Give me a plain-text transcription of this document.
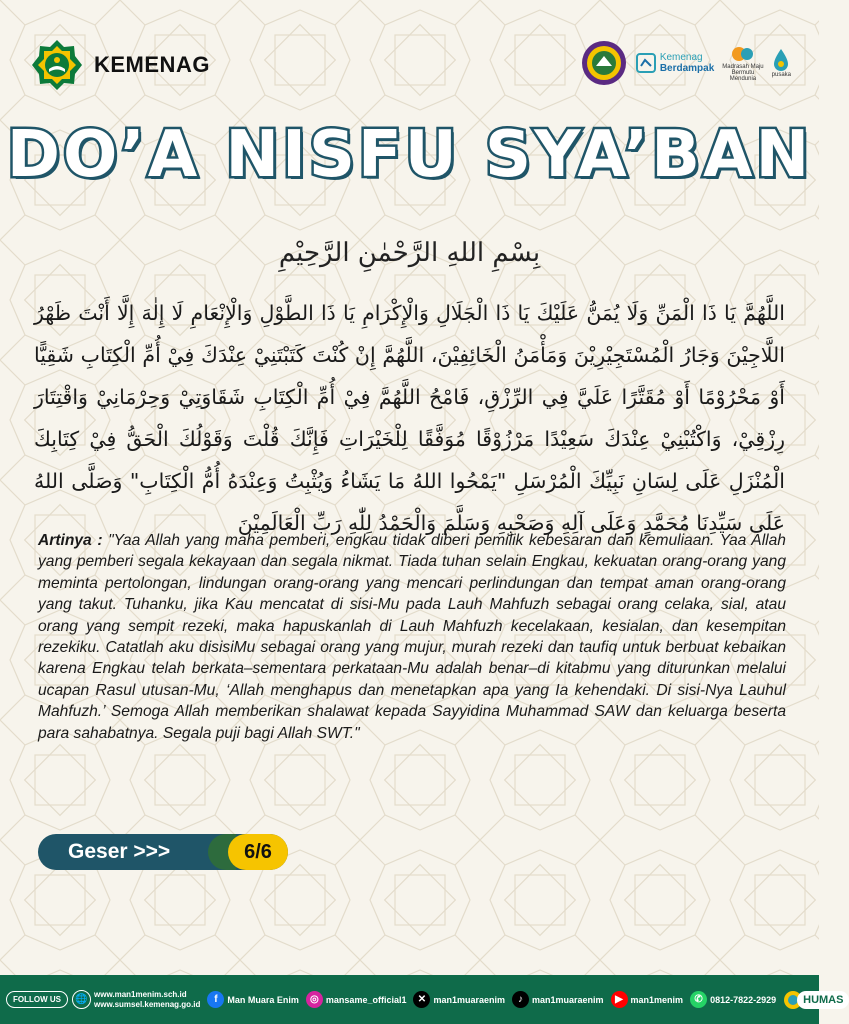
KEMENAG	Kemenag
Berdampak Madrasah Maju
Bermutu
Mendunia
pusaka
DO’A NISFU SYA’BAN
بِسْمِ اللهِ الرَّحْمٰنِ الرَّحِيْمِ
اللَّهُمَّ يَا ذَا الْمَنِّ وَلَا يُمَنُّ عَلَيْكَ يَا ذَا الْجَلَالِ وَالْإِكْرَامِ يَا ذَا الطَّوْلِ وَالْإِنْعَامِ لَا إِلٰهَ إِلَّا أَنْتَ ظَهْرُ اللَّاجِيْنَ وَجَارُ الْمُسْتَجِيْرِيْنَ وَمَأْمَنُ الْخَائِفِيْنَ، اللَّهُمَّ إِنْ كُنْتَ كَتَبْتَنِيْ عِنْدَكَ فِيْ أُمِّ الْكِتَابِ شَقِيًّا أَوْ مَحْرُوْمًا أَوْ مُقَتَّرًا عَلَيَّ فِي الرِّزْقِ، فَامْحُ اللَّهُمَّ فِيْ أُمِّ الْكِتَابِ شَقَاوَتِيْ وَحِرْمَانِيْ وَاقْتِتَارَ رِزْقِيْ، وَاكْتُبْنِيْ عِنْدَكَ سَعِيْدًا مَرْزُوْقًا مُوَفَّقًا لِلْخَيْرَاتِ فَإِنَّكَ قُلْتَ وَقَوْلُكَ الْحَقُّ فِيْ كِتَابِكَ الْمُنْزَلِ عَلَى لِسَانِ نَبِيِّكَ الْمُرْسَلِ "يَمْحُوا اللهُ مَا يَشَاءُ وَيُثْبِتُ وَعِنْدَهُ أُمُّ الْكِتَابِ" وَصَلَّى اللهُ عَلَى سَيِّدِنَا مُحَمَّدٍ وَعَلَى آلِهِ وَصَحْبِهِ وَسَلَّمَ وَالْحَمْدُ لِلّٰهِ رَبِّ الْعَالَمِيْنَ
Artinya : "Yaa Allah yang maha pemberi, engkau tidak diberi pemilik kebesaran dan kemuliaan. Yaa Allah yang pemberi segala kekayaan dan segala nikmat. Tiada tuhan selain Engkau, kekuatan orang-orang yang meminta pertolongan, lindungan orang-orang yang mencari perlindungan dan tempat aman orang-orang yang takut. Tuhanku, jika Kau mencatat di sisi-Mu pada Lauh Mahfuzh sebagai orang celaka, sial, atau orang yang sempit rezeki, maka hapuskanlah di Lauh Mahfuzh kecelakaan, kesialan, dan kesempitan rezekiku. Catatlah aku disisiMu sebagai orang yang mujur, murah rezeki dan taufiq untuk berbuat kebaikan karena Engkau telah berkata–sementara perkataan-Mu adalah benar–di kitabmu yang diturunkan melalui ucapan Rasul utusan-Mu, ‘Allah menghapus dan menetapkan apa yang Ia kehendaki. Di sisi-Nya Lauhul Mahfuzh.’ Semoga Allah memberikan shalawat kepada Sayyidina Muhammad SAW dan keluarga beserta para sahabatnya. Segala puji bagi Allah SWT."
Geser >>>	6/6
FOLLOW US	🌐 www.man1menim.sch.id
www.sumsel.kemenag.go.id	f	Man Muara Enim	◎ mansame_official1	✕ man1muaraenim	♪	man1muaraenim	▶ man1menim	✆ 0812-7822-2929	HUMAS
